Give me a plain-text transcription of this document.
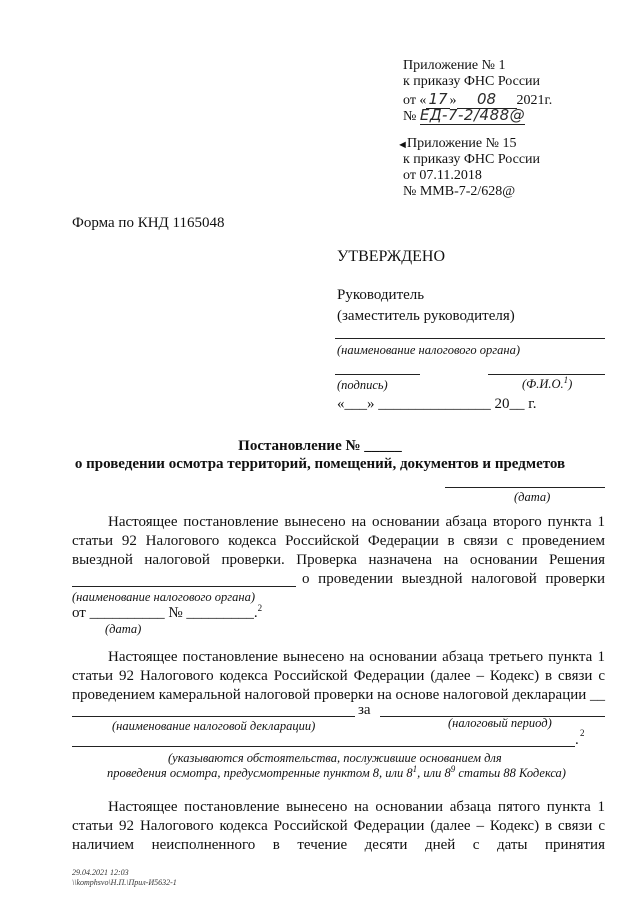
Приложение № 1
к приказу ФНС России
от « 17 » 08 2021г.
№ ЕД-7-2/488@
◄ Приложение № 15
к приказу ФНС России
от 07.11.2018
№ ММВ-7-2/628@
Форма по КНД 1165048
УТВЕРЖДЕНО
Руководитель
(заместитель руководителя)
(наименование налогового органа)
(подпись)	(Ф.И.О.$^1$)
«___» _______________ 20__ г.
Постановление № _____
о проведении осмотра территорий, помещений, документов и предметов
(дата)
Настоящее постановление вынесено на основании абзаца второго пункта 1
статьи 92 Налогового кодекса Российской Федерации в связи с проведением
выездной налоговой проверки. Проверка назначена на основании Решения
о проведении выездной налоговой проверки
(наименование налогового органа)
от __________ № _________.$^2$
(дата)
Настоящее постановление вынесено на основании абзаца третьего пункта 1
статьи 92 Налогового кодекса Российской Федерации (далее – Кодекс) в связи с
проведением камеральной налоговой проверки на основе налоговой декларации __
за
(наименование налоговой декларации)	(налоговый период)
. 2
(указываются обстоятельства, послужившие основанием для
проведения осмотра, предусмотренные пунктом 8, или $8^1$, или $8^9$ статьи 88 Кодекса)
Настоящее постановление вынесено на основании абзаца пятого пункта 1
статьи 92 Налогового кодекса Российской Федерации (далее – Кодекс) в связи с
наличием неисполненного в течение десяти дней с даты принятия
29.04.2021 12:03
\\komphsvo\Н.П.\Прил-И5632-1
